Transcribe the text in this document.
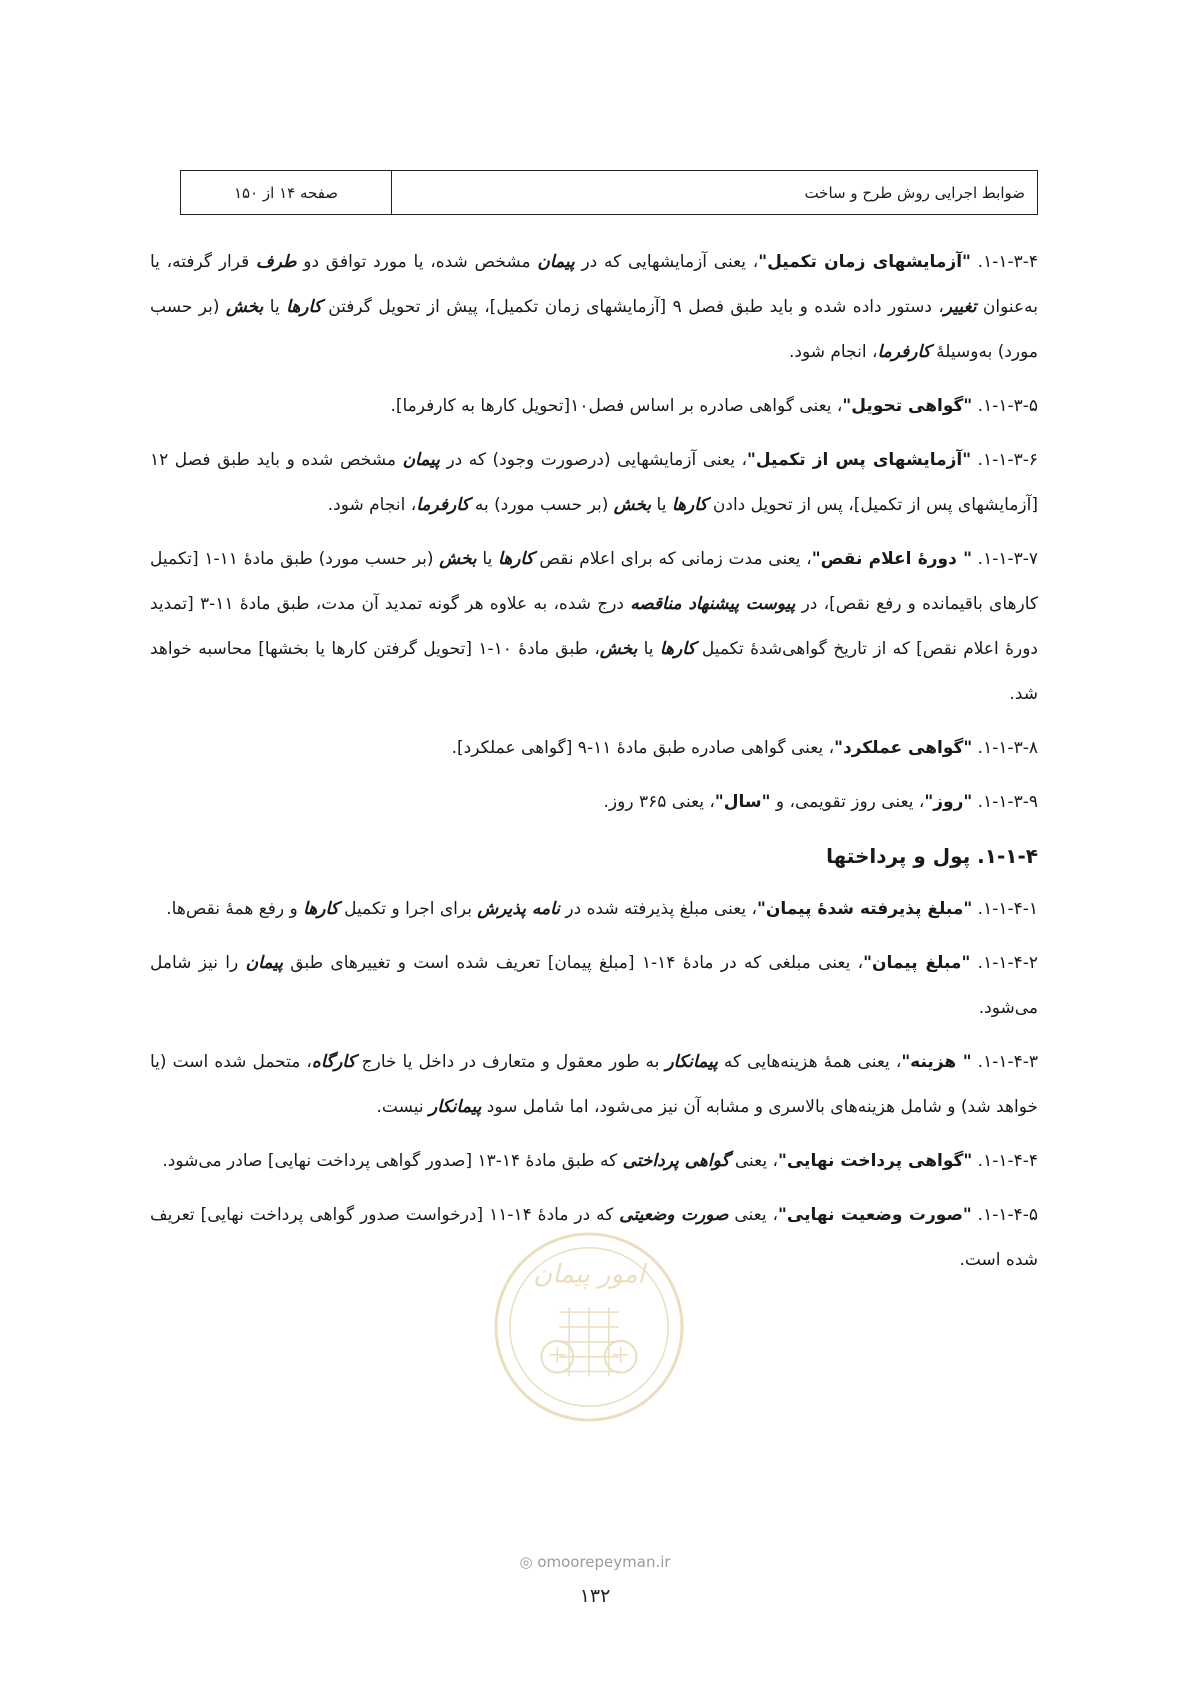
ضوابط اجرایی روش طرح و ساخت
صفحه ۱۴ از ۱۵۰

۱-۱-۳-۴. "آزمایشهای زمان تکمیل"، یعنی آزمایشهایی که در پیمان مشخص شده، یا مورد توافق دو طرف قرار گرفته، یا به‌عنوان تغییر، دستور داده شده و باید طبق فصل ۹ [آزمایشهای زمان تکمیل]، پیش از تحویل گرفتن کارها یا بخش (بر حسب مورد) به‌وسیلهٔ کارفرما، انجام شود.

۱-۱-۳-۵. "گواهی تحویل"، یعنی گواهی صادره بر اساس فصل۱۰[تحویل کارها به کارفرما].

۱-۱-۳-۶. "آزمایشهای پس از تکمیل"، یعنی آزمایشهایی (درصورت وجود) که در پیمان مشخص شده و باید طبق فصل ۱۲ [آزمایشهای پس از تکمیل]، پس از تحویل دادن کارها یا بخش (بر حسب مورد) به کارفرما، انجام شود.

۱-۱-۳-۷. " دورهٔ اعلام نقص"، یعنی مدت زمانی که برای اعلام نقص کارها یا بخش (بر حسب مورد) طبق مادهٔ ۱۱-۱ [تکمیل کارهای باقیمانده و رفع نقص]، در پیوست پیشنهاد مناقصه درج شده، به علاوه هر گونه تمدید آن مدت، طبق مادهٔ ۱۱-۳ [تمدید دورهٔ اعلام نقص] که از تاریخ گواهی‌شدهٔ تکمیل کارها یا بخش، طبق مادهٔ ۱۰-۱ [تحویل گرفتن کارها یا بخشها] محاسبه خواهد شد.

۱-۱-۳-۸. "گواهی عملکرد"، یعنی گواهی صادره طبق مادهٔ ۱۱-۹ [گواهی عملکرد].

۱-۱-۳-۹. "روز"، یعنی روز تقویمی، و "سال"، یعنی ۳۶۵ روز.

۱-۱-۴. پول و پرداختها

۱-۱-۴-۱. "مبلغ پذیرفته شدهٔ پیمان"، یعنی مبلغ پذیرفته شده در نامه پذیرش برای اجرا و تکمیل کارها و رفع همهٔ نقص‌ها.

۱-۱-۴-۲. "مبلغ پیمان"، یعنی مبلغی که در مادهٔ ۱۴-۱ [مبلغ پیمان] تعریف شده است و تغییرهای طبق پیمان را نیز شامل می‌شود.

۱-۱-۴-۳. " هزینه"، یعنی همهٔ هزینه‌هایی که پیمانکار به طور معقول و متعارف در داخل یا خارج کارگاه، متحمل شده است (یا خواهد شد) و شامل هزینه‌های بالاسری و مشابه آن نیز می‌شود، اما شامل سود پیمانکار نیست.

۱-۱-۴-۴. "گواهی پرداخت نهایی"، یعنی گواهی پرداختی که طبق مادهٔ ۱۴-۱۳ [صدور گواهی پرداخت نهایی] صادر می‌شود.

۱-۱-۴-۵. "صورت وضعیت نهایی"، یعنی صورت وضعیتی که در مادهٔ ۱۴-۱۱ [درخواست صدور گواهی پرداخت نهایی] تعریف شده است.

امور پیمان
◎ omoorepeyman.ir
۱۳۲
